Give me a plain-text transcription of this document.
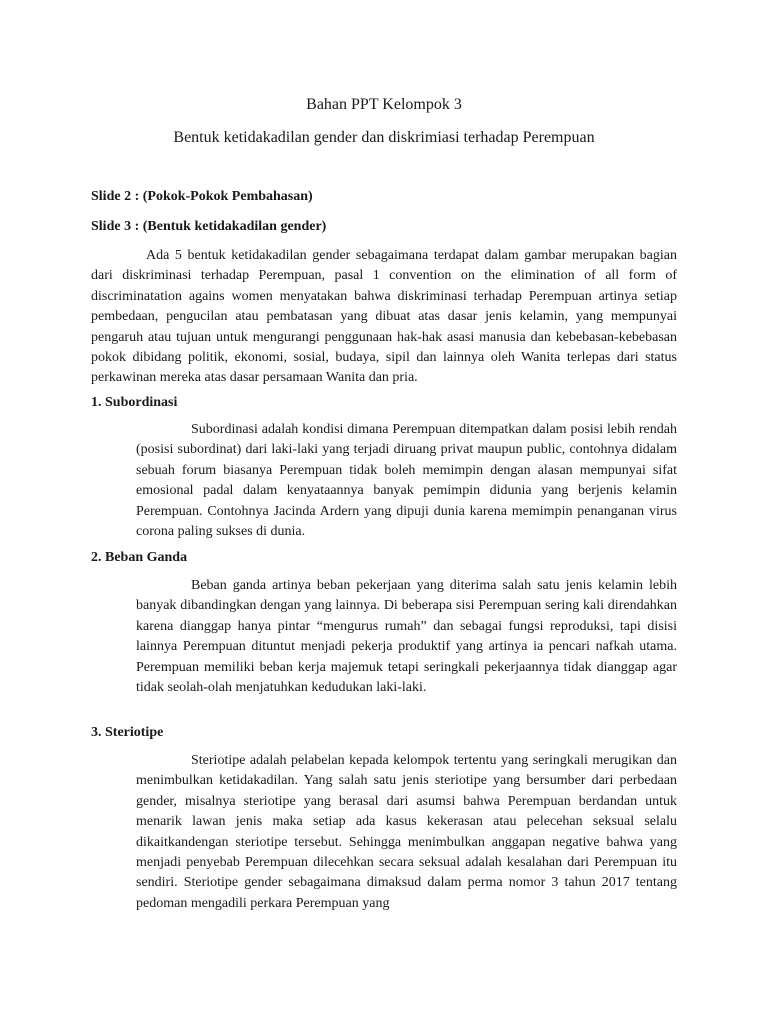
Bahan PPT Kelompok 3
Bentuk ketidakadilan gender dan diskrimiasi terhadap Perempuan

Slide 2 : (Pokok-Pokok Pembahasan)

Slide 3 : (Bentuk ketidakadilan gender)

Ada 5 bentuk ketidakadilan gender sebagaimana terdapat dalam gambar merupakan bagian dari diskriminasi terhadap Perempuan, pasal 1 convention on the elimination of all form of discriminatation agains women menyatakan bahwa diskriminasi terhadap Perempuan artinya setiap pembedaan, pengucilan atau pembatasan yang dibuat atas dasar jenis kelamin, yang mempunyai pengaruh atau tujuan untuk mengurangi penggunaan hak-hak asasi manusia dan kebebasan-kebebasan pokok dibidang politik, ekonomi, sosial, budaya, sipil dan lainnya oleh Wanita terlepas dari status perkawinan mereka atas dasar persamaan Wanita dan pria.

1. Subordinasi

Subordinasi adalah kondisi dimana Perempuan ditempatkan dalam posisi lebih rendah (posisi subordinat) dari laki-laki yang terjadi diruang privat maupun public, contohnya didalam sebuah forum biasanya Perempuan tidak boleh memimpin dengan alasan mempunyai sifat emosional padal dalam kenyataannya banyak pemimpin didunia yang berjenis kelamin Perempuan. Contohnya Jacinda Ardern yang dipuji dunia karena memimpin penanganan virus corona paling sukses di dunia.

2. Beban Ganda

Beban ganda artinya beban pekerjaan yang diterima salah satu jenis kelamin lebih banyak dibandingkan dengan yang lainnya. Di beberapa sisi Perempuan sering kali direndahkan karena dianggap hanya pintar “mengurus rumah” dan sebagai fungsi reproduksi, tapi disisi lainnya Perempuan dituntut menjadi pekerja produktif yang artinya ia pencari nafkah utama. Perempuan memiliki beban kerja majemuk tetapi seringkali pekerjaannya tidak dianggap agar tidak seolah-olah menjatuhkan kedudukan laki-laki.

3. Steriotipe

Steriotipe adalah pelabelan kepada kelompok tertentu yang seringkali merugikan dan menimbulkan ketidakadilan. Yang salah satu jenis steriotipe yang bersumber dari perbedaan gender, misalnya steriotipe yang berasal dari asumsi bahwa Perempuan berdandan untuk menarik lawan jenis maka setiap ada kasus kekerasan atau pelecehan seksual selalu dikaitkandengan steriotipe tersebut. Sehingga menimbulkan anggapan negative bahwa yang menjadi penyebab Perempuan dilecehkan secara seksual adalah kesalahan dari Perempuan itu sendiri. Steriotipe gender sebagaimana dimaksud dalam perma nomor 3 tahun 2017 tentang pedoman mengadili perkara Perempuan yang
